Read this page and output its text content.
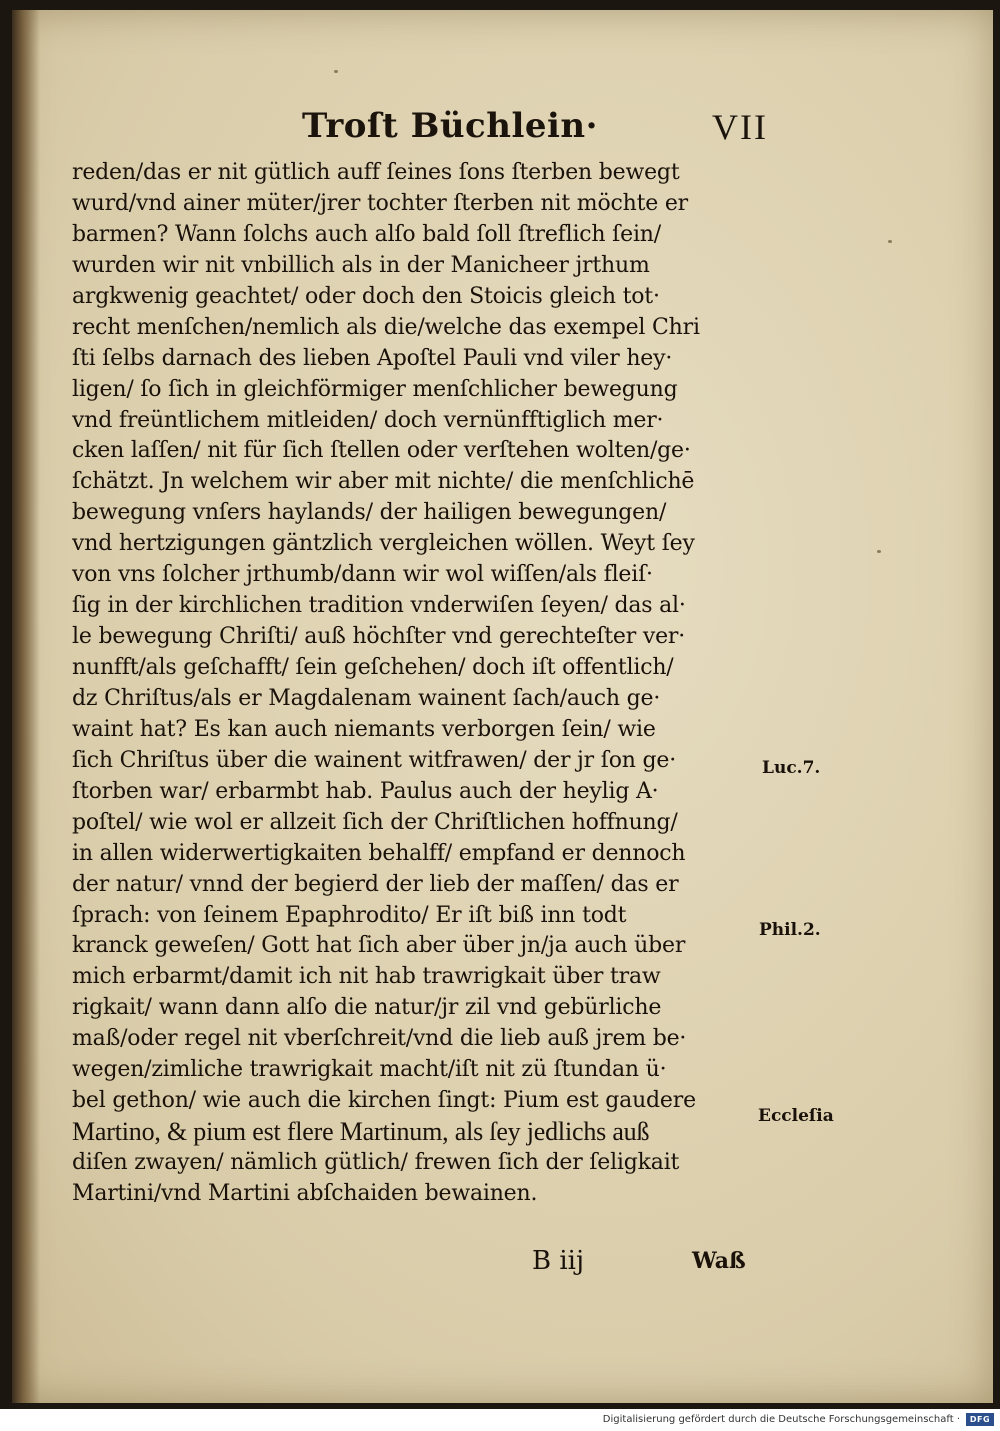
Troſt Büchlein·	VII
reden/das er nit gütlich auff ſeines ſons ſterben bewegt
wurd/vnd ainer müter/jrer tochter ſterben nit möchte er
barmen? Wann ſolchs auch alſo bald ſoll ſtreflich ſein/
wurden wir nit vnbillich als in der Manicheer jrthum
argkwenig geachtet/ oder doch den Stoicis gleich tot·
recht menſchen/nemlich als die/welche das exempel Chri
ſti ſelbs darnach des lieben Apoſtel Pauli vnd viler hey·
ligen/ ſo ſich in gleichförmiger menſchlicher bewegung
vnd freüntlichem mitleiden/ doch vernünfftiglich mer·
cken laſſen/ nit für ſich ſtellen oder verſtehen wolten/ge·
ſchätzt. Jn welchem wir aber mit nichte/ die menſchlichē
bewegung vnſers haylands/ der hailigen bewegungen/
vnd hertzigungen gäntzlich vergleichen wöllen. Weyt ſey
von vns ſolcher jrthumb/dann wir wol wiſſen/als fleiſ·
ſig in der kirchlichen tradition vnderwiſen ſeyen/ das al·
le bewegung Chriſti/ auß höchſter vnd gerechteſter ver·
nunfft/als geſchafft/ ſein geſchehen/ doch iſt offentlich/
dz Chriſtus/als er Magdalenam wainent ſach/auch ge·
waint hat? Es kan auch niemants verborgen ſein/ wie
ſich Chriſtus über die wainent witfrawen/ der jr ſon ge·
ſtorben war/ erbarmbt hab. Paulus auch der heylig A·
poſtel/ wie wol er allzeit ſich der Chriſtlichen hoffnung/
in allen widerwertigkaiten behalff/ empfand er dennoch
der natur/ vnnd der begierd der lieb der maſſen/ das er
ſprach: von ſeinem Epaphrodito/ Er iſt biß inn todt
kranck geweſen/ Gott hat ſich aber über jn/ja auch über
mich erbarmt/damit ich nit hab trawrigkait über traw
rigkait/ wann dann alſo die natur/jr zil vnd gebürliche
maß/oder regel nit vberſchreit/vnd die lieb auß jrem be·
wegen/zimliche trawrigkait macht/iſt nit zü ſtundan ü·
bel gethon/ wie auch die kirchen ſingt: Pium est gaudere
Martino, & pium est flere Martinum, als ſey jedlichs auß
diſen zwayen/ nämlich gütlich/ frewen ſich der ſeligkait
Martini/vnd Martini abſchaiden bewainen.
Luc.7.
Phil.2.
Eccleſia
B iij	Waß
Digitalisierung gefördert durch die Deutsche Forschungsgemeinschaft ·	DFG
